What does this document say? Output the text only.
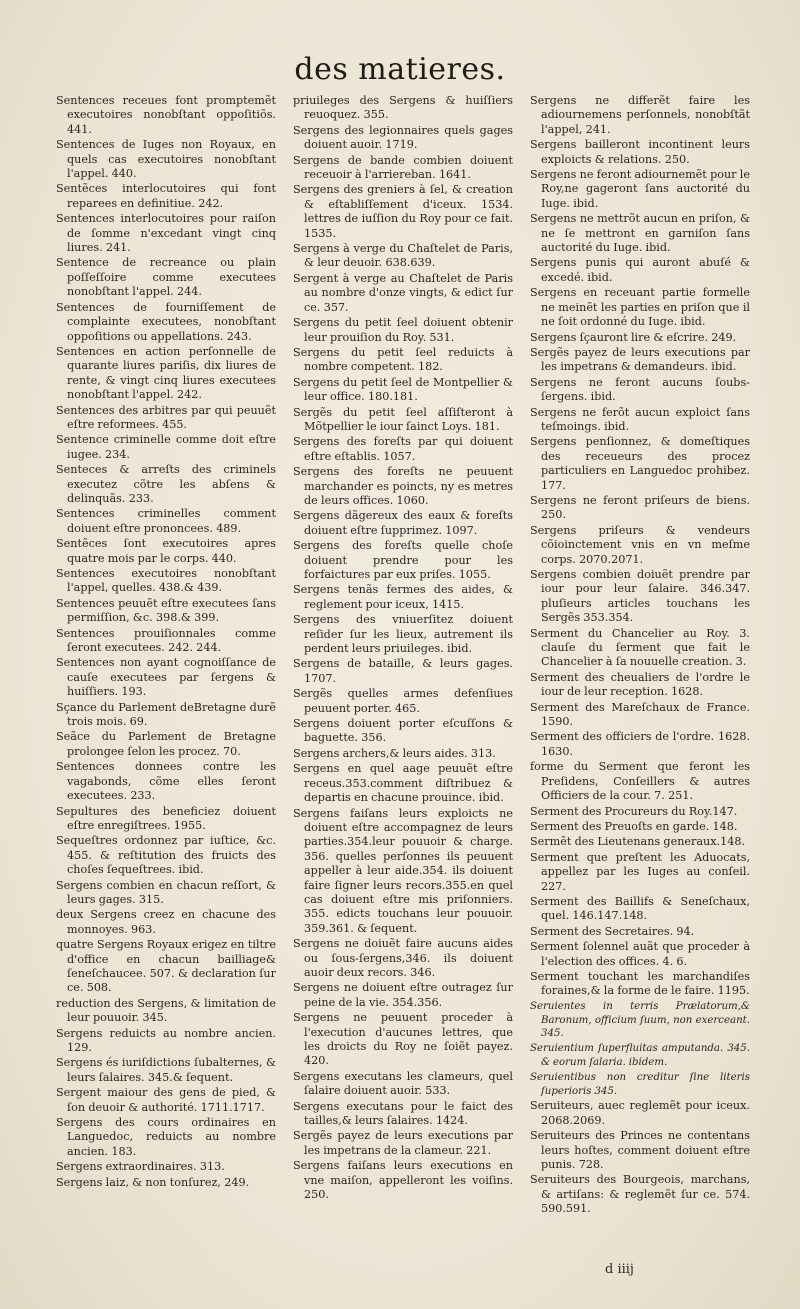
des matieres.
Sentences receues font promptemẽt executoires nonobſtant oppoſitiõs. 441.
Sentences de Iuges non Royaux, en quels cas executoires nonobſtant l'appel. 440.
Sentẽces interlocutoires qui font reparees en definitiue. 242.
Sentences interlocutoires pour raiſon de ſomme n'excedant vingt cinq liures. 241.
Sentence de recreance ou plain poſſeſſoire comme executees nonobſtant l'appel. 244.
Sentences de fourniſſement de complainte executees, nonobſtant oppoſitions ou appellations. 243.
Sentences en action perſonnelle de quarante liures pariſis, dix liures de rente, & vingt cinq liures executees nonobſtant l'appel. 242.
Sentences des arbitres par qui peuuẽt eſtre reformees. 455.
Sentence criminelle comme doit eſtre iugee. 234.
Senteces & arreſts des criminels executez cõtre les abſens & delinquãs. 233.
Sentences criminelles comment doiuent eſtre prononcees. 489.
Sentẽces ſont executoires apres quatre mois par le corps. 440.
Sentences executoires nonobſtant l'appel, quelles. 438.& 439.
Sentences peuuẽt eſtre executees ſans permiſſion, &c. 398.& 399.
Sentences prouiſionnales comme ſeront executees. 242. 244.
Sentences non ayant cognoiſſance de cauſe executees par ſergens & huiſſiers. 193.
Sçance du Parlement deBretagne durẽ trois mois. 69.
Seãce du Parlement de Bretagne prolongee ſelon les procez. 70.
Sentences donnees contre les vagabonds, cõme elles ſeront executees. 233.
Sepultures des beneficiez doiuent eſtre enregiſtrees. 1955.
Sequeſtres ordonnez par iuſtice, &c. 455. & reſtitution des fruicts des choſes ſequeſtrees. ibid.
Sergens combien en chacun reſſort, & leurs gages. 315.
deux Sergens creez en chacune des monnoyes. 963.
quatre Sergens Royaux erigez en tiltre d'office en chacun bailliage& ſeneſchaucee. 507. & declaration ſur ce. 508.
reduction des Sergens, & limitation de leur pouuoir. 345.
Sergens reduicts au nombre ancien. 129.
Sergens és iuriſdictions ſubalternes, & leurs ſalaires. 345.& ſequent.
Sergent maiour des gens de pied, & ſon deuoir & authorité. 1711.1717.
Sergens des cours ordinaires en Languedoc, reduicts au nombre ancien. 183.
Sergens extraordinaires. 313.
Sergens laiz, & non tonſurez, 249.
priuileges des Sergens & huiſſiers reuoquez. 355.
Sergens des legionnaires quels gages doiuent auoir. 1719.
Sergens de bande combien doiuent receuoir à l'arriereban. 1641.
Sergens des greniers à ſel, & creation & eſtabliſſement d'iceux. 1534. lettres de iuſſion du Roy pour ce fait. 1535.
Sergens à verge du Chaſtelet de Paris, & leur deuoir. 638.639.
Sergent à verge au Chaſtelet de Paris au nombre d'onze vingts, & edict ſur ce. 357.
Sergens du petit ſeel doiuent obtenir leur prouiſion du Roy. 531.
Sergens du petit ſeel reduicts à nombre competent. 182.
Sergens du petit ſeel de Montpellier & leur office. 180.181.
Sergẽs du petit ſeel aſſiſteront à Mõtpellier le iour ſainct Loys. 181.
Sergens des foreſts par qui doiuent eſtre eſtablis. 1057.
Sergens des foreſts ne peuuent marchander es poincts, ny es metres de leurs offices. 1060.
Sergens dãgereux des eaux & foreſts doiuent eſtre ſupprimez. 1097.
Sergens des foreſts quelle choſe doiuent prendre pour les forfaictures par eux priſes. 1055.
Sergens tenãs fermes des aides, & reglement pour iceux, 1415.
Sergens des vniuerſitez doiuent reſider ſur les lieux, autrement ils perdent leurs priuileges. ibid.
Sergens de bataille, & leurs gages. 1707.
Sergẽs quelles armes defenſiues peuuent porter. 465.
Sergens doiuent porter eſcuſſons & baguette. 356.
Sergens archers,& leurs aides. 313.
Sergens en quel aage peuuẽt eſtre receus.353.comment diſtribuez & departis en chacune prouince. ibid.
Sergens faiſans leurs exploicts ne doiuent eſtre accompagnez de leurs parties.354.leur pouuoir & charge. 356. quelles perſonnes ils peuuent appeller à leur aide.354. ils doiuent faire ſigner leurs recors.355.en quel cas doiuent eſtre mis priſonniers. 355. edicts touchans leur pouuoir. 359.361. & ſequent.
Sergens ne doiuẽt faire aucuns aides ou ſous-ſergens,346. ils doiuent auoir deux recors. 346.
Sergens ne doiuent eſtre outragez ſur peine de la vie. 354.356.
Sergens ne peuuent proceder à l'execution d'aucunes lettres, que les droicts du Roy ne ſoiẽt payez. 420.
Sergens executans les clameurs, quel ſalaire doiuent auoir. 533.
Sergens executans pour le faict des tailles,& leurs ſalaires. 1424.
Sergẽs payez de leurs executions par les impetrans de la clameur. 221.
Sergens faiſans leurs executions en vne maiſon, appelleront les voiſins. 250.
Sergens ne differẽt faire les adiournemens perſonnels, nonobſtãt l'appel, 241.
Sergens bailleront incontinent leurs exploicts & relations. 250.
Sergens ne feront adiournemẽt pour le Roy,ne gageront ſans auctorité du Iuge. ibid.
Sergens ne mettrõt aucun en priſon, & ne ſe mettront en garniſon ſans auctorité du Iuge. ibid.
Sergens punis qui auront abuſé & excedé. ibid.
Sergens en receuant partie formelle ne meinẽt les parties en priſon que il ne ſoit ordonné du Iuge. ibid.
Sergens ſçauront lire & eſcrire. 249.
Sergẽs payez de leurs executions par les impetrans & demandeurs. ibid.
Sergens ne feront aucuns ſoubs-ſergens. ibid.
Sergens ne ferõt aucun exploict ſans teſmoings. ibid.
Sergens penſionnez, & domeſtiques des receueurs des procez particuliers en Languedoc prohibez. 177.
Sergens ne feront priſeurs de biens. 250.
Sergens priſeurs & vendeurs cõioinctement vnis en vn meſme corps. 2070.2071.
Sergens combien doiuẽt prendre par iour pour leur ſalaire. 346.347. pluſieurs articles touchans les Sergẽs 353.354.
Serment du Chancelier au Roy. 3. clauſe du ſerment que fait le Chancelier à ſa nouuelle creation. 3.
Serment des cheualiers de l'ordre le iour de leur reception. 1628.
Serment des Mareſchaux de France. 1590.
Serment des officiers de l'ordre. 1628. 1630.
forme du Serment que feront les Preſidens, Conſeillers & autres Officiers de la cour. 7. 251.
Serment des Procureurs du Roy.147.
Serment des Preuoſts en garde. 148.
Sermẽt des Lieutenans generaux.148.
Serment que preſtent les Aduocats, appellez par les Iuges au conſeil. 227.
Serment des Baillifs & Seneſchaux, quel. 146.147.148.
Serment des Secretaires. 94.
Serment ſolennel auãt que proceder à l'election des offices. 4. 6.
Serment touchant les marchandiſes foraines,& la forme de le faire. 1195.
Seruientes in terris Prælatorum,& Baronum, officium ſuum, non exerceant. 345.
Seruientium ſuperfluitas amputanda. 345. & eorum ſalaria. ibidem.
Seruientibus non creditur ſine literis ſuperioris 345.
Seruiteurs, auec reglemẽt pour iceux. 2068.2069.
Seruiteurs des Princes ne contentans leurs hoſtes, comment doiuent eſtre punis. 728.
Seruiteurs des Bourgeois, marchans, & artiſans: & reglemẽt ſur ce. 574. 590.591.
d iiij
